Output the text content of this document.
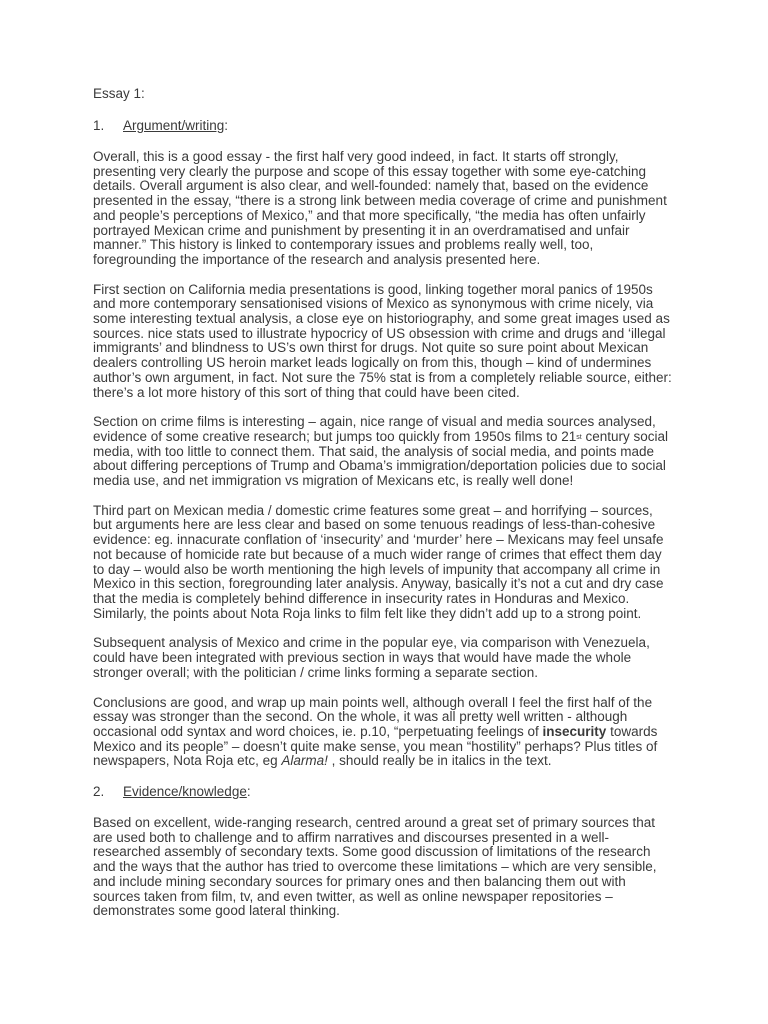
Essay 1:
1.	Argument/writing:

Overall, this is a good essay - the first half very good indeed, in fact. It starts off strongly, presenting very clearly the purpose and scope of this essay together with some eye-catching details. Overall argument is also clear, and well-founded: namely that, based on the evidence presented in the essay, “there is a strong link between media coverage of crime and punishment and people’s perceptions of Mexico,” and that more specifically, “the media has often unfairly portrayed Mexican crime and punishment by presenting it in an overdramatised and unfair manner.” This history is linked to contemporary issues and problems really well, too, foregrounding the importance of the research and analysis presented here.

First section on California media presentations is good, linking together moral panics of 1950s and more contemporary sensationised visions of Mexico as synonymous with crime nicely, via some interesting textual analysis, a close eye on historiography, and some great images used as sources. nice stats used to illustrate hypocricy of US obsession with crime and drugs and ‘illegal immigrants’ and blindness to US’s own thirst for drugs. Not quite so sure point about Mexican dealers controlling US heroin market leads logically on from this, though – kind of undermines author’s own argument, in fact. Not sure the 75% stat is from a completely reliable source, either: there’s a lot more history of this sort of thing that could have been cited.

Section on crime films is interesting – again, nice range of visual and media sources analysed, evidence of some creative research; but jumps too quickly from 1950s films to 21st century social media, with too little to connect them. That said, the analysis of social media, and points made about differing perceptions of Trump and Obama’s immigration/deportation policies due to social media use, and net immigration vs migration of Mexicans etc, is really well done!

Third part on Mexican media / domestic crime features some great – and horrifying – sources, but arguments here are less clear and based on some tenuous readings of less-than-cohesive evidence: eg. innacurate conflation of ‘insecurity’ and ‘murder’ here – Mexicans may feel unsafe not because of homicide rate but because of a much wider range of crimes that effect them day to day – would also be worth mentioning the high levels of impunity that accompany all crime in Mexico in this section, foregrounding later analysis. Anyway, basically it’s not a cut and dry case that the media is completely behind difference in insecurity rates in Honduras and Mexico. Similarly, the points about Nota Roja links to film felt like they didn’t add up to a strong point.

Subsequent analysis of Mexico and crime in the popular eye, via comparison with Venezuela, could have been integrated with previous section in ways that would have made the whole stronger overall; with the politician / crime links forming a separate section.

Conclusions are good, and wrap up main points well, although overall I feel the first half of the essay was stronger than the second. On the whole, it was all pretty well written - although occasional odd syntax and word choices, ie. p.10, “perpetuating feelings of insecurity towards Mexico and its people” – doesn’t quite make sense, you mean “hostility” perhaps? Plus titles of newspapers, Nota Roja etc, eg Alarma! , should really be in italics in the text.

2.	Evidence/knowledge:

Based on excellent, wide-ranging research, centred around a great set of primary sources that are used both to challenge and to affirm narratives and discourses presented in a well-researched assembly of secondary texts. Some good discussion of limitations of the research and the ways that the author has tried to overcome these limitations – which are very sensible, and include mining secondary sources for primary ones and then balancing them out with sources taken from film, tv, and even twitter, as well as online newspaper repositories – demonstrates some good lateral thinking.
